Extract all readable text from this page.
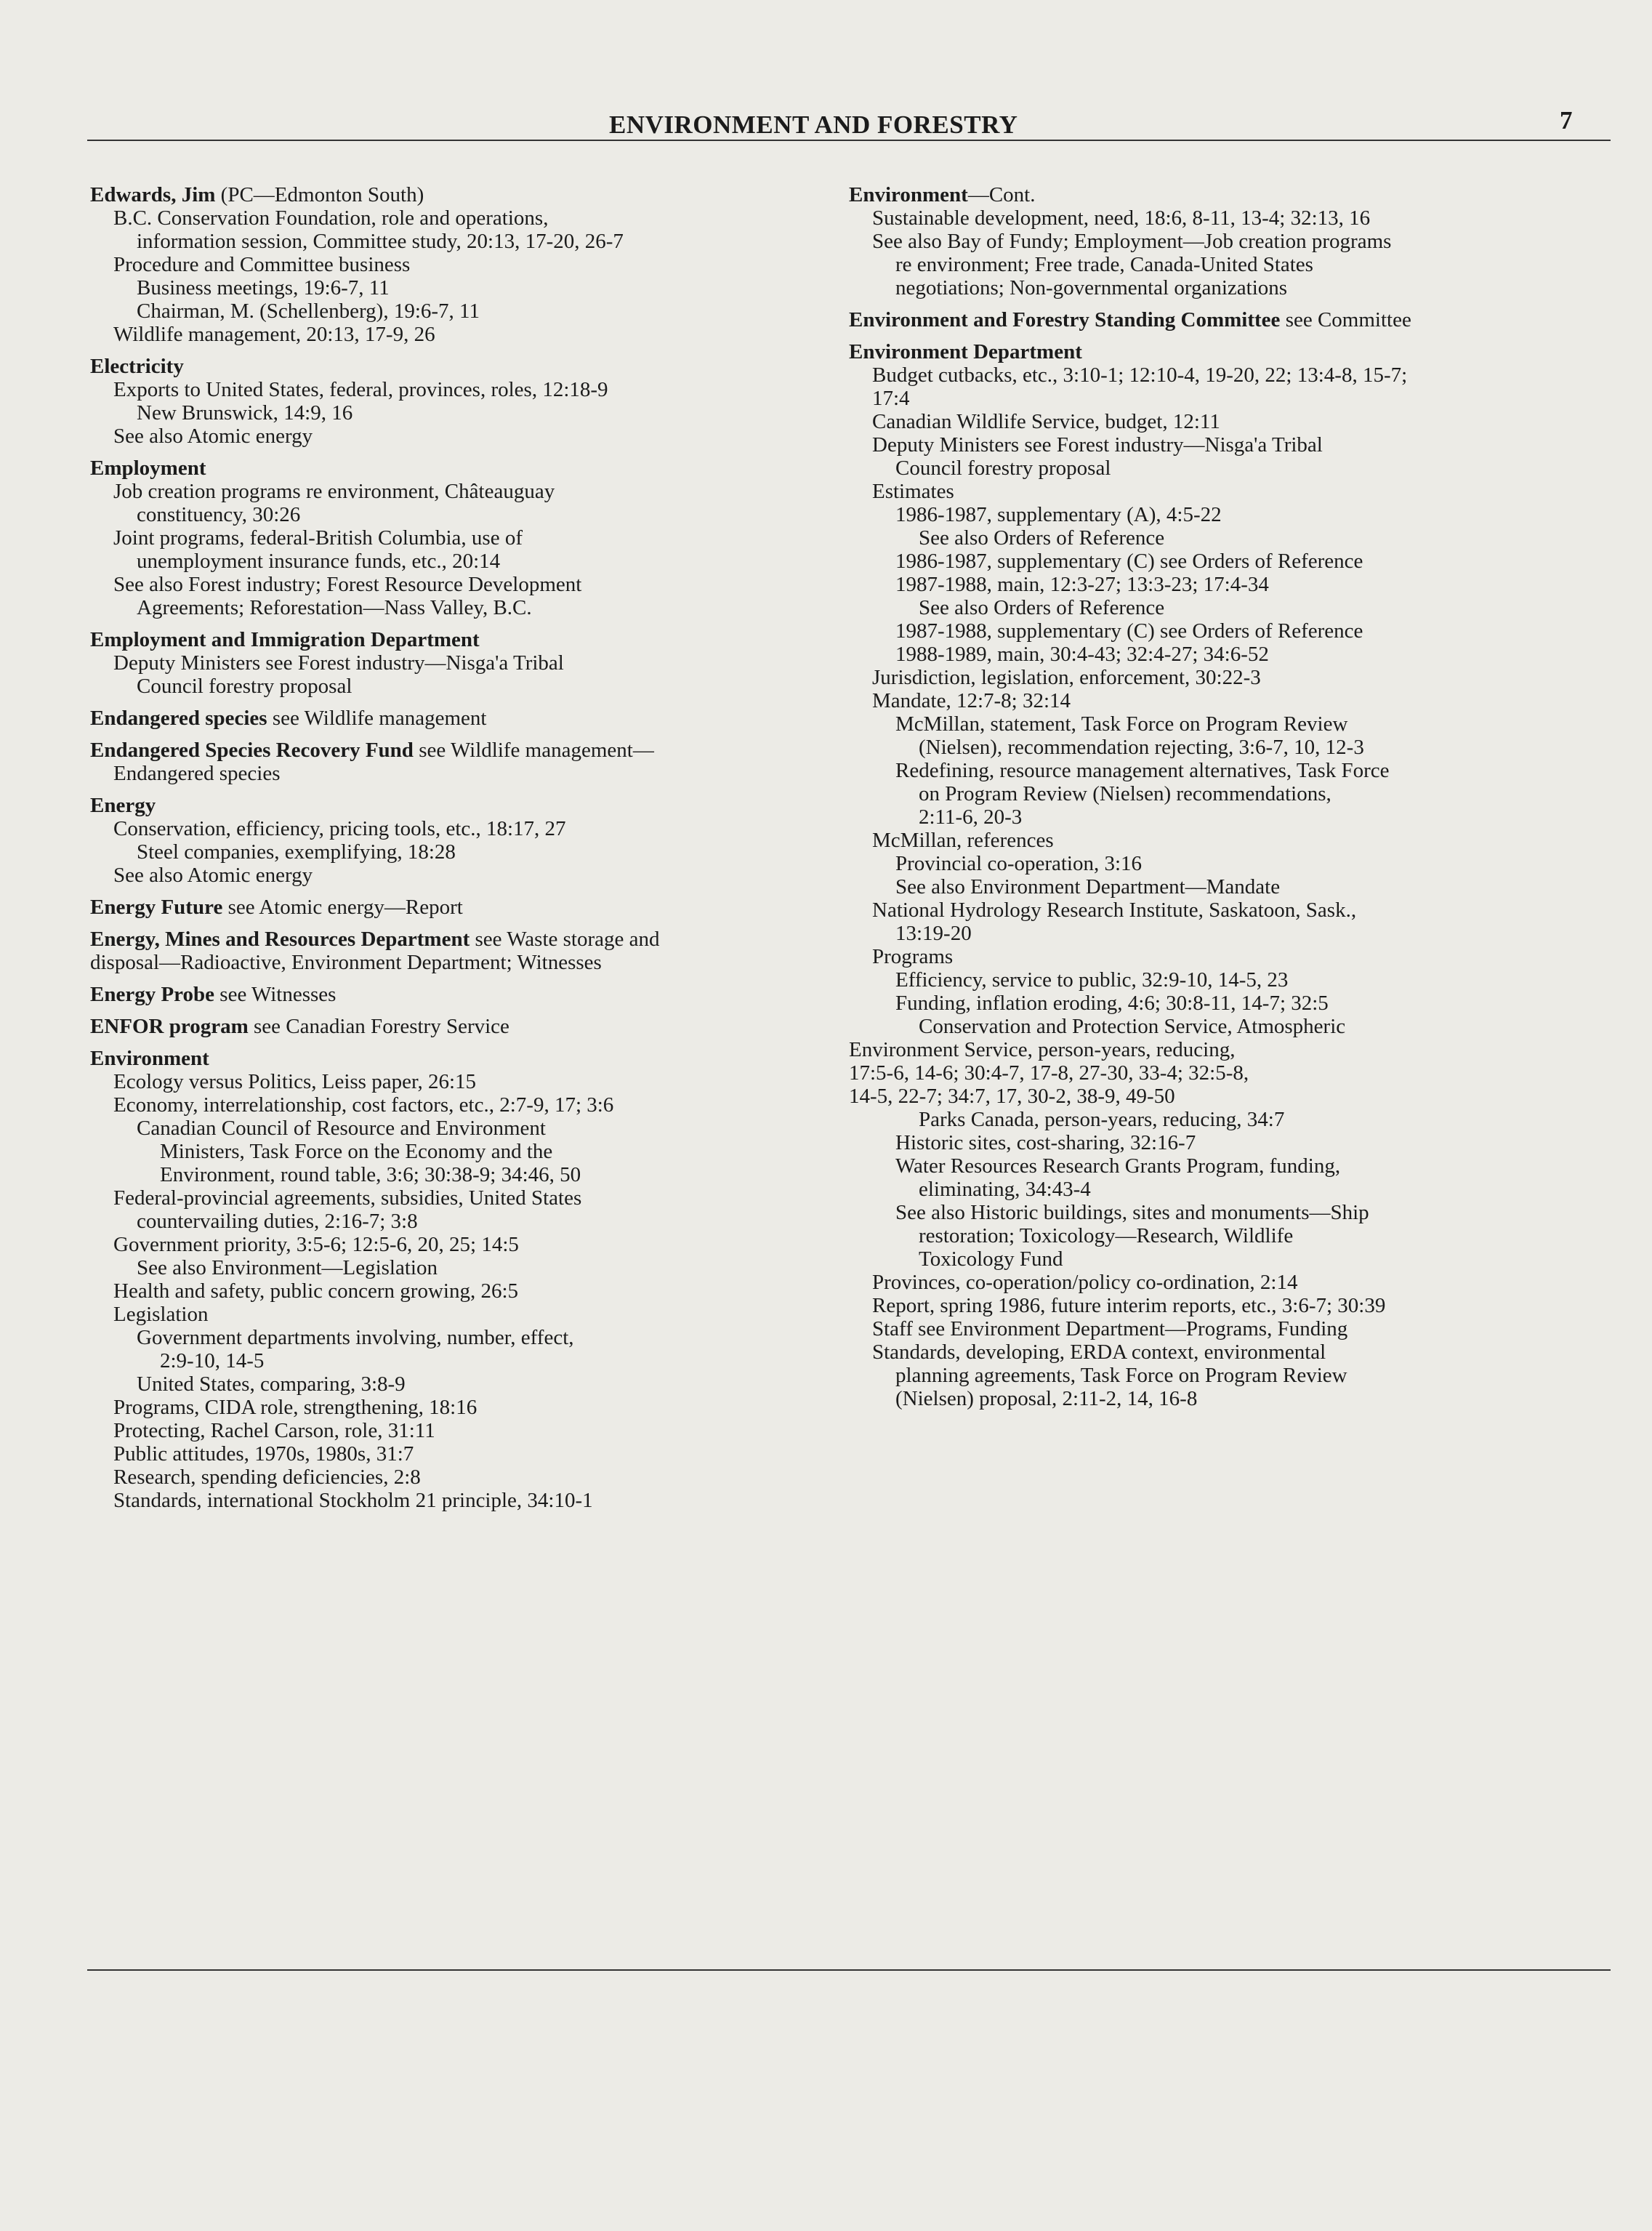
ENVIRONMENT AND FORESTRY	7
Edwards, Jim (PC—Edmonton South)
B.C. Conservation Foundation, role and operations,
information session, Committee study, 20:13, 17-20, 26-7
Procedure and Committee business
Business meetings, 19:6-7, 11
Chairman, M. (Schellenberg), 19:6-7, 11
Wildlife management, 20:13, 17-9, 26
Electricity
Exports to United States, federal, provinces, roles, 12:18-9
New Brunswick, 14:9, 16
See also Atomic energy
Employment
Job creation programs re environment, Châteauguay
constituency, 30:26
Joint programs, federal-British Columbia, use of
unemployment insurance funds, etc., 20:14
See also Forest industry; Forest Resource Development
Agreements; Reforestation—Nass Valley, B.C.
Employment and Immigration Department
Deputy Ministers see Forest industry—Nisga'a Tribal
Council forestry proposal
Endangered species see Wildlife management
Endangered Species Recovery Fund see Wildlife management—
Endangered species
Energy
Conservation, efficiency, pricing tools, etc., 18:17, 27
Steel companies, exemplifying, 18:28
See also Atomic energy
Energy Future see Atomic energy—Report
Energy, Mines and Resources Department see Waste storage and
disposal—Radioactive, Environment Department; Witnesses
Energy Probe see Witnesses
ENFOR program see Canadian Forestry Service
Environment
Ecology versus Politics, Leiss paper, 26:15
Economy, interrelationship, cost factors, etc., 2:7-9, 17; 3:6
Canadian Council of Resource and Environment
Ministers, Task Force on the Economy and the
Environment, round table, 3:6; 30:38-9; 34:46, 50
Federal-provincial agreements, subsidies, United States
countervailing duties, 2:16-7; 3:8
Government priority, 3:5-6; 12:5-6, 20, 25; 14:5
See also Environment—Legislation
Health and safety, public concern growing, 26:5
Legislation
Government departments involving, number, effect,
2:9-10, 14-5
United States, comparing, 3:8-9
Programs, CIDA role, strengthening, 18:16
Protecting, Rachel Carson, role, 31:11
Public attitudes, 1970s, 1980s, 31:7
Research, spending deficiencies, 2:8
Standards, international Stockholm 21 principle, 34:10-1
Environment—Cont.
Sustainable development, need, 18:6, 8-11, 13-4; 32:13, 16
See also Bay of Fundy; Employment—Job creation programs
re environment; Free trade, Canada-United States
negotiations; Non-governmental organizations
Environment and Forestry Standing Committee see Committee
Environment Department
Budget cutbacks, etc., 3:10-1; 12:10-4, 19-20, 22; 13:4-8, 15-7;
17:4
Canadian Wildlife Service, budget, 12:11
Deputy Ministers see Forest industry—Nisga'a Tribal
Council forestry proposal
Estimates
1986-1987, supplementary (A), 4:5-22
See also Orders of Reference
1986-1987, supplementary (C) see Orders of Reference
1987-1988, main, 12:3-27; 13:3-23; 17:4-34
See also Orders of Reference
1987-1988, supplementary (C) see Orders of Reference
1988-1989, main, 30:4-43; 32:4-27; 34:6-52
Jurisdiction, legislation, enforcement, 30:22-3
Mandate, 12:7-8; 32:14
McMillan, statement, Task Force on Program Review
(Nielsen), recommendation rejecting, 3:6-7, 10, 12-3
Redefining, resource management alternatives, Task Force
on Program Review (Nielsen) recommendations,
2:11-6, 20-3
McMillan, references
Provincial co-operation, 3:16
See also Environment Department—Mandate
National Hydrology Research Institute, Saskatoon, Sask.,
13:19-20
Programs
Efficiency, service to public, 32:9-10, 14-5, 23
Funding, inflation eroding, 4:6; 30:8-11, 14-7; 32:5
Conservation and Protection Service, Atmospheric
Environment Service, person-years, reducing,
17:5-6, 14-6; 30:4-7, 17-8, 27-30, 33-4; 32:5-8,
14-5, 22-7; 34:7, 17, 30-2, 38-9, 49-50
Parks Canada, person-years, reducing, 34:7
Historic sites, cost-sharing, 32:16-7
Water Resources Research Grants Program, funding,
eliminating, 34:43-4
See also Historic buildings, sites and monuments—Ship
restoration; Toxicology—Research, Wildlife
Toxicology Fund
Provinces, co-operation/policy co-ordination, 2:14
Report, spring 1986, future interim reports, etc., 3:6-7; 30:39
Staff see Environment Department—Programs, Funding
Standards, developing, ERDA context, environmental
planning agreements, Task Force on Program Review
(Nielsen) proposal, 2:11-2, 14, 16-8
